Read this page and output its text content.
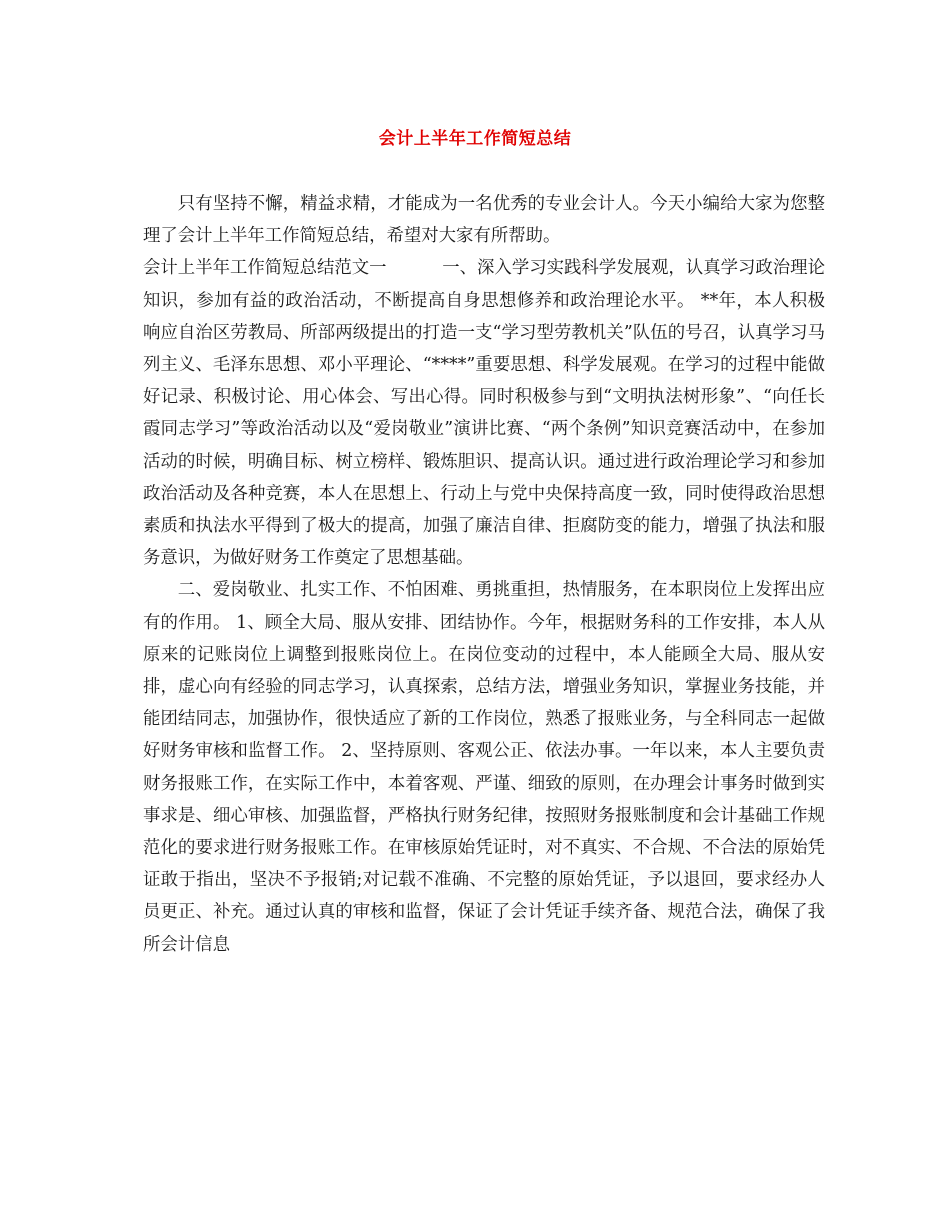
会计上半年工作简短总结

只有坚持不懈，精益求精，才能成为一名优秀的专业会计人。今天小编给大家为您整理了会计上半年工作简短总结，希望对大家有所帮助。

会计上半年工作简短总结范文一	一、深入学习实践科学发展观，认真学习政治理论知识，参加有益的政治活动，不断提高自身思想修养和政治理论水平。 **年，本人积极响应自治区劳教局、所部两级提出的打造一支“学习型劳教机关”队伍的号召，认真学习马列主义、毛泽东思想、邓小平理论、“****”重要思想、科学发展观。在学习的过程中能做好记录、积极讨论、用心体会、写出心得。同时积极参与到“文明执法树形象”、“向任长霞同志学习”等政治活动以及“爱岗敬业”演讲比赛、“两个条例”知识竞赛活动中，在参加活动的时候，明确目标、树立榜样、锻炼胆识、提高认识。通过进行政治理论学习和参加政治活动及各种竞赛，本人在思想上、行动上与党中央保持高度一致，同时使得政治思想素质和执法水平得到了极大的提高，加强了廉洁自律、拒腐防变的能力，增强了执法和服务意识，为做好财务工作奠定了思想基础。

二、爱岗敬业、扎实工作、不怕困难、勇挑重担，热情服务，在本职岗位上发挥出应有的作用。 1、顾全大局、服从安排、团结协作。今年，根据财务科的工作安排，本人从原来的记账岗位上调整到报账岗位上。在岗位变动的过程中，本人能顾全大局、服从安排，虚心向有经验的同志学习，认真探索，总结方法，增强业务知识，掌握业务技能，并能团结同志，加强协作，很快适应了新的工作岗位，熟悉了报账业务，与全科同志一起做好财务审核和监督工作。 2、坚持原则、客观公正、依法办事。一年以来，本人主要负责财务报账工作，在实际工作中，本着客观、严谨、细致的原则，在办理会计事务时做到实事求是、细心审核、加强监督，严格执行财务纪律，按照财务报账制度和会计基础工作规范化的要求进行财务报账工作。在审核原始凭证时，对不真实、不合规、不合法的原始凭证敢于指出，坚决不予报销;对记载不准确、不完整的原始凭证，予以退回，要求经办人员更正、补充。通过认真的审核和监督，保证了会计凭证手续齐备、规范合法，确保了我所会计信息
